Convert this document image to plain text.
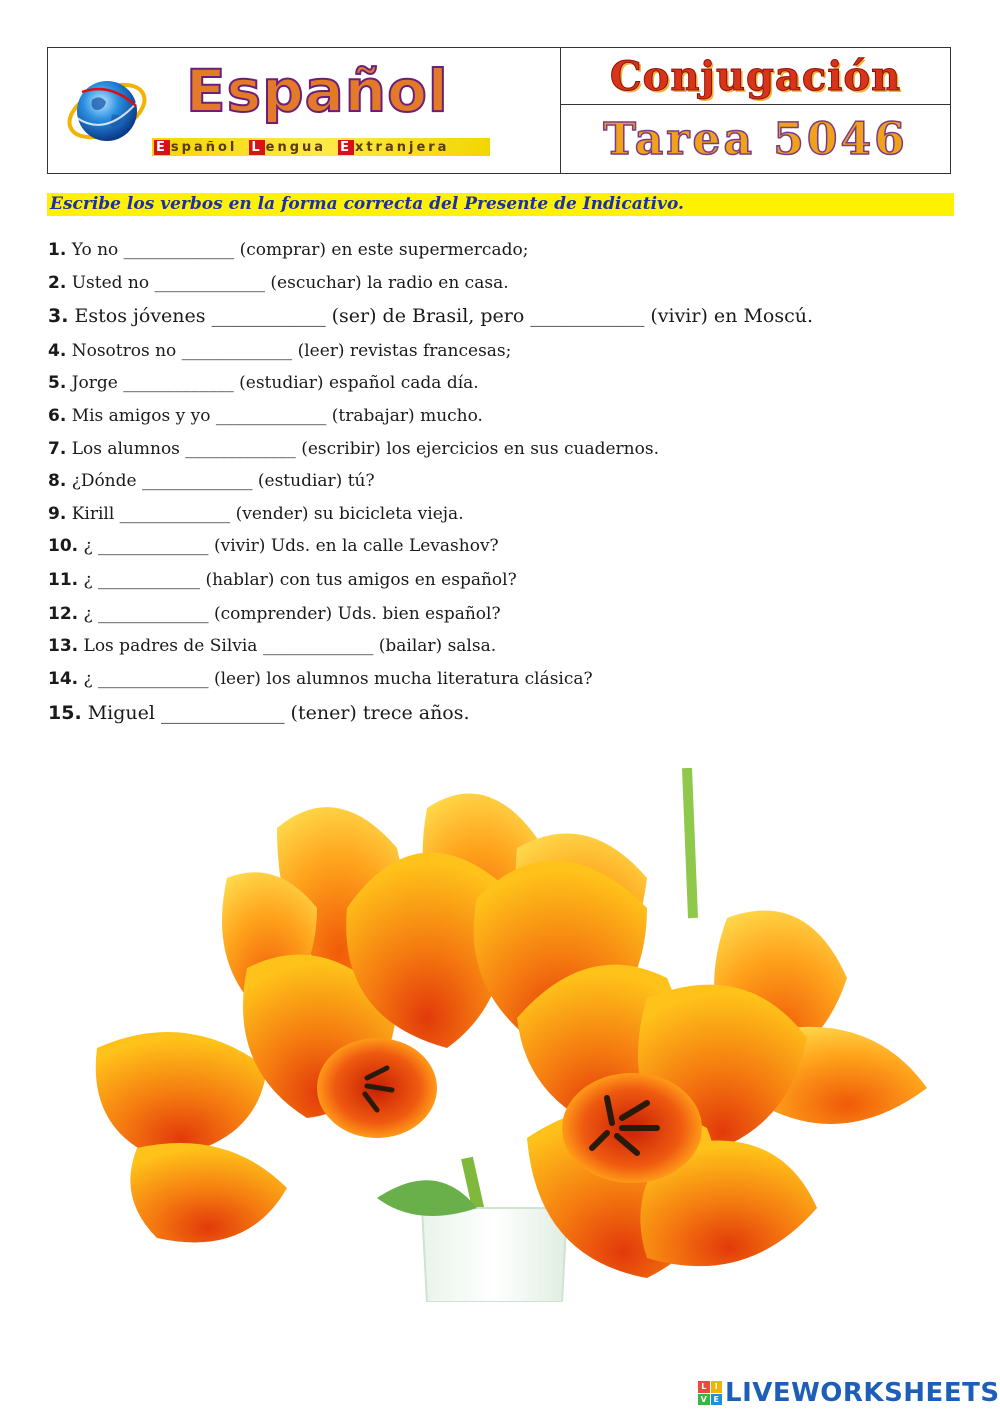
Español
E spañol L engua E xtranjera
Conjugación
Tarea 5046
Escribe los verbos en la forma correcta del Presente de Indicativo.
1. Yo no _____________ (comprar) en este supermercado;
2. Usted no _____________ (escuchar) la radio en casa.
3. Estos jóvenes ____________ (ser) de Brasil, pero ____________ (vivir) en Moscú.
4. Nosotros no _____________ (leer) revistas francesas;
5. Jorge _____________ (estudiar) español cada día.
6. Mis amigos y yo _____________ (trabajar) mucho.
7. Los alumnos _____________ (escribir) los ejercicios en sus cuadernos.
8. ¿Dónde _____________ (estudiar) tú?
9. Kirill _____________ (vender) su bicicleta vieja.
10. ¿ _____________ (vivir) Uds. en la calle Levashov?
11. ¿ ____________ (hablar) con tus amigos en español?
12. ¿ _____________ (comprender) Uds. bien español?
13. Los padres de Silvia _____________ (bailar) salsa.
14. ¿ _____________ (leer) los alumnos mucha literatura clásica?
15. Miguel _____________ (tener) trece años.
L	I
V E LIVEWORKSHEETS
